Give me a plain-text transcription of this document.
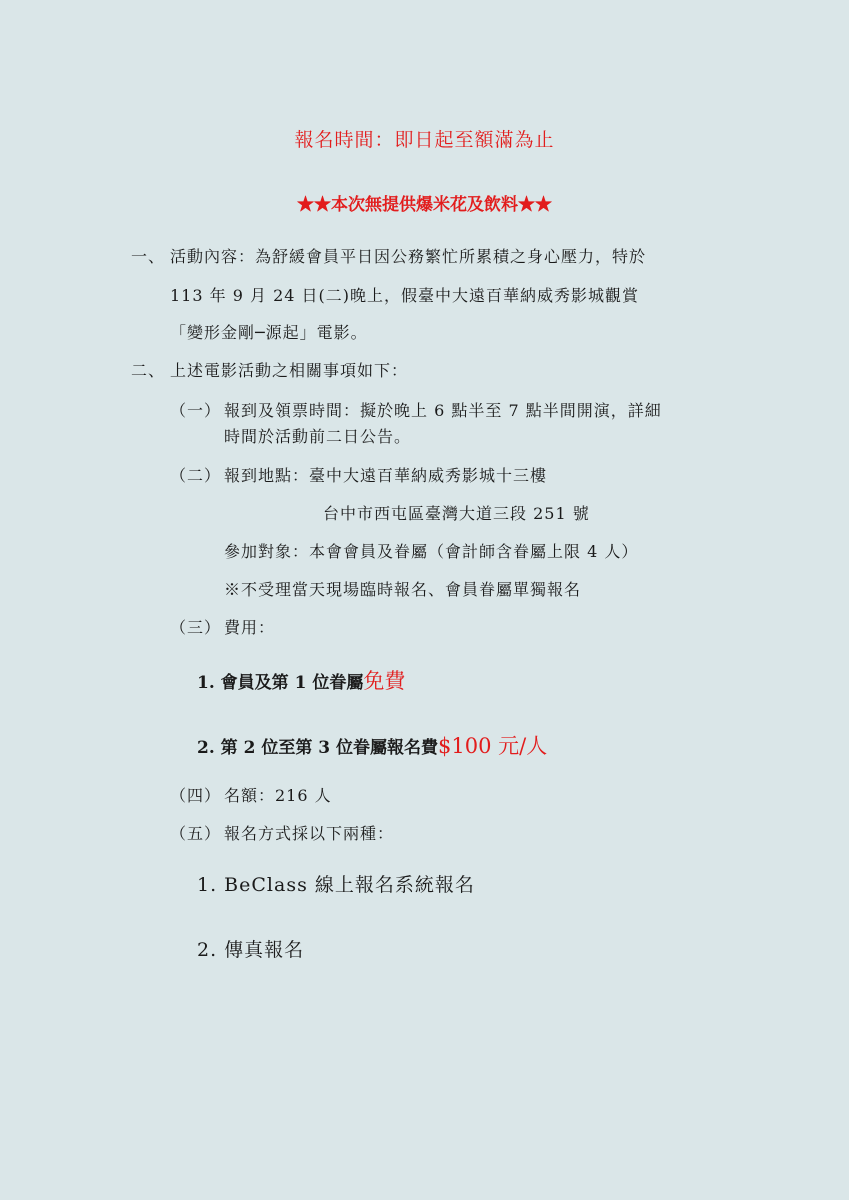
報名時間：即日起至額滿為止
★★本次無提供爆米花及飲料★★
一、 活動內容：為舒緩會員平日因公務繁忙所累積之身心壓力，特於
113 年 9 月 24 日(二)晚上，假臺中大遠百華納威秀影城觀賞
「變形金剛─源起」電影。
二、 上述電影活動之相關事項如下：
（一） 報到及領票時間：擬於晚上 6 點半至 7 點半間開演，詳細
時間於活動前二日公告。
（二） 報到地點：臺中大遠百華納威秀影城十三樓
台中市西屯區臺灣大道三段 251 號
參加對象：本會會員及眷屬（會計師含眷屬上限 4 人）
※不受理當天現場臨時報名、會員眷屬單獨報名
（三） 費用：
1. 會員及第 1 位眷屬免費
2. 第 2 位至第 3 位眷屬報名費$100 元/人
（四） 名額：216 人
（五） 報名方式採以下兩種：
1. BeClass 線上報名系統報名
2. 傳真報名
